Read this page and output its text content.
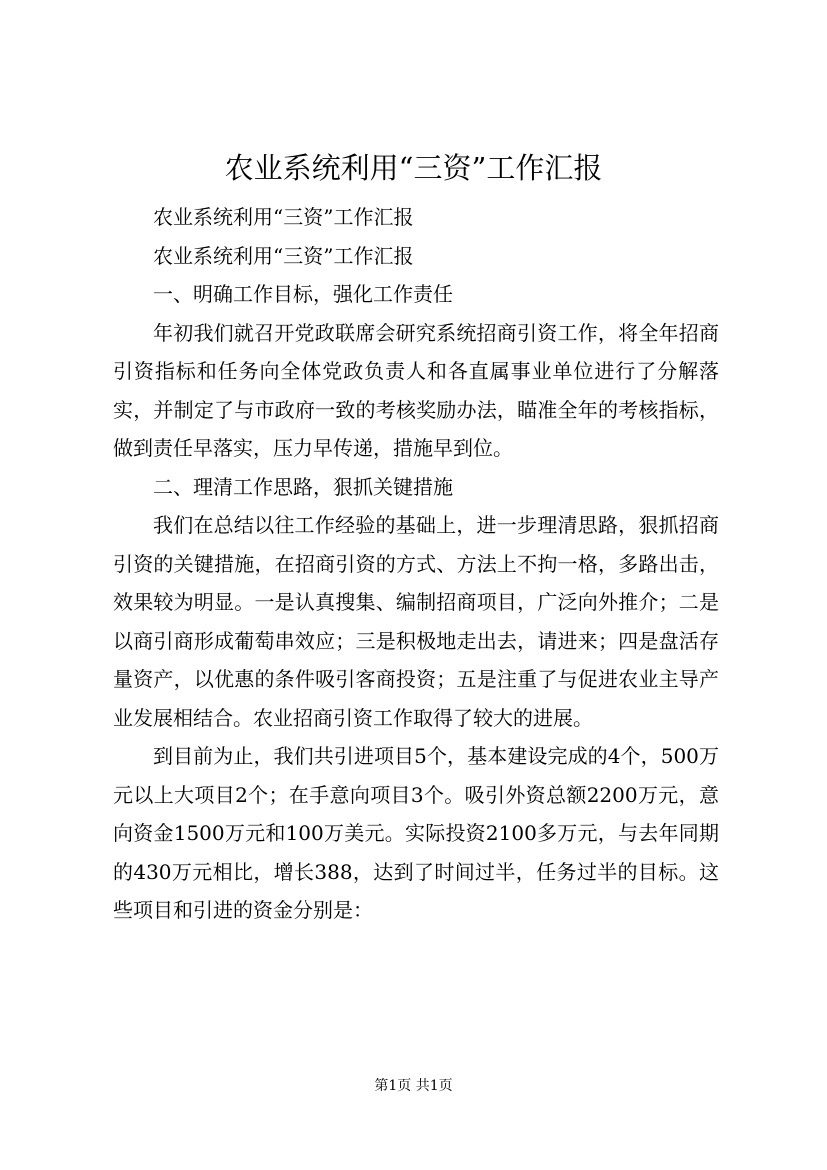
农业系统利用“三资”工作汇报

农业系统利用“三资”工作汇报

农业系统利用“三资”工作汇报

一、明确工作目标，强化工作责任

年初我们就召开党政联席会研究系统招商引资工作，将全年招商引资指标和任务向全体党政负责人和各直属事业单位进行了分解落实，并制定了与市政府一致的考核奖励办法，瞄准全年的考核指标，做到责任早落实，压力早传递，措施早到位。

二、理清工作思路，狠抓关键措施

我们在总结以往工作经验的基础上，进一步理清思路，狠抓招商引资的关键措施，在招商引资的方式、方法上不拘一格，多路出击，效果较为明显。一是认真搜集、编制招商项目，广泛向外推介；二是以商引商形成葡萄串效应；三是积极地走出去，请进来；四是盘活存量资产，以优惠的条件吸引客商投资；五是注重了与促进农业主导产业发展相结合。农业招商引资工作取得了较大的进展。

到目前为止，我们共引进项目5个，基本建设完成的4个，500万元以上大项目2个；在手意向项目3个。吸引外资总额2200万元，意向资金1500万元和100万美元。实际投资2100多万元，与去年同期的430万元相比，增长388，达到了时间过半，任务过半的目标。这些项目和引进的资金分别是：

第1页 共1页
